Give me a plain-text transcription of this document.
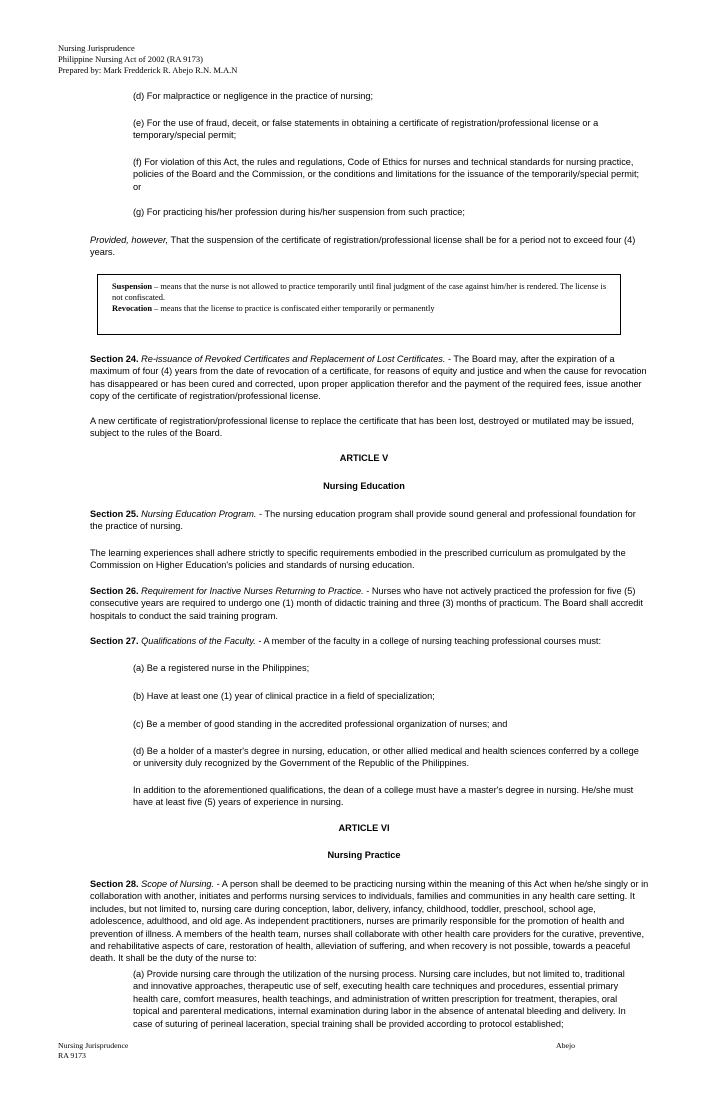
Nursing Jurisprudence
Philippine Nursing Act of 2002 (RA 9173)
Prepared by: Mark Fredderick R. Abejo R.N. M.A.N
(d) For malpractice or negligence in the practice of nursing;
(e) For the use of fraud, deceit, or false statements in obtaining a certificate of registration/professional license or a temporary/special permit;
(f) For violation of this Act, the rules and regulations, Code of Ethics for nurses and technical standards for nursing practice, policies of the Board and the Commission, or the conditions and limitations for the issuance of the temporarily/special permit; or
(g) For practicing his/her profession during his/her suspension from such practice;
Provided, however, That the suspension of the certificate of registration/professional license shall be for a period not to exceed four (4) years.
Suspension – means that the nurse is not allowed to practice temporarily until final judgment of the case against him/her is rendered. The license is not confiscated.
Revocation – means that the license to practice is confiscated either temporarily or permanently
Section 24. Re-issuance of Revoked Certificates and Replacement of Lost Certificates. - The Board may, after the expiration of a maximum of four (4) years from the date of revocation of a certificate, for reasons of equity and justice and when the cause for revocation has disappeared or has been cured and corrected, upon proper application therefor and the payment of the required fees, issue another copy of the certificate of registration/professional license.
A new certificate of registration/professional license to replace the certificate that has been lost, destroyed or mutilated may be issued, subject to the rules of the Board.
ARTICLE V
Nursing Education
Section 25. Nursing Education Program. - The nursing education program shall provide sound general and professional foundation for the practice of nursing.
The learning experiences shall adhere strictly to specific requirements embodied in the prescribed curriculum as promulgated by the Commission on Higher Education's policies and standards of nursing education.
Section 26. Requirement for Inactive Nurses Returning to Practice. - Nurses who have not actively practiced the profession for five (5) consecutive years are required to undergo one (1) month of didactic training and three (3) months of practicum. The Board shall accredit hospitals to conduct the said training program.
Section 27. Qualifications of the Faculty. - A member of the faculty in a college of nursing teaching professional courses must:
(a) Be a registered nurse in the Philippines;
(b) Have at least one (1) year of clinical practice in a field of specialization;
(c) Be a member of good standing in the accredited professional organization of nurses; and
(d) Be a holder of a master's degree in nursing, education, or other allied medical and health sciences conferred by a college or university duly recognized by the Government of the Republic of the Philippines.
In addition to the aforementioned qualifications, the dean of a college must have a master's degree in nursing. He/she must have at least five (5) years of experience in nursing.
ARTICLE VI
Nursing Practice
Section 28. Scope of Nursing. - A person shall be deemed to be practicing nursing within the meaning of this Act when he/she singly or in collaboration with another, initiates and performs nursing services to individuals, families and communities in any health care setting. It includes, but not limited to, nursing care during conception, labor, delivery, infancy, childhood, toddler, preschool, school age, adolescence, adulthood, and old age. As independent practitioners, nurses are primarily responsible for the promotion of health and prevention of illness. A members of the health team, nurses shall collaborate with other health care providers for the curative, preventive, and rehabilitative aspects of care, restoration of health, alleviation of suffering, and when recovery is not possible, towards a peaceful death. It shall be the duty of the nurse to:
(a) Provide nursing care through the utilization of the nursing process. Nursing care includes, but not limited to, traditional and innovative approaches, therapeutic use of self, executing health care techniques and procedures, essential primary health care, comfort measures, health teachings, and administration of written prescription for treatment, therapies, oral topical and parenteral medications, internal examination during labor in the absence of antenatal bleeding and delivery. In case of suturing of perineal laceration, special training shall be provided according to protocol established;
Nursing Jurisprudence
RA 9173
Abejo
